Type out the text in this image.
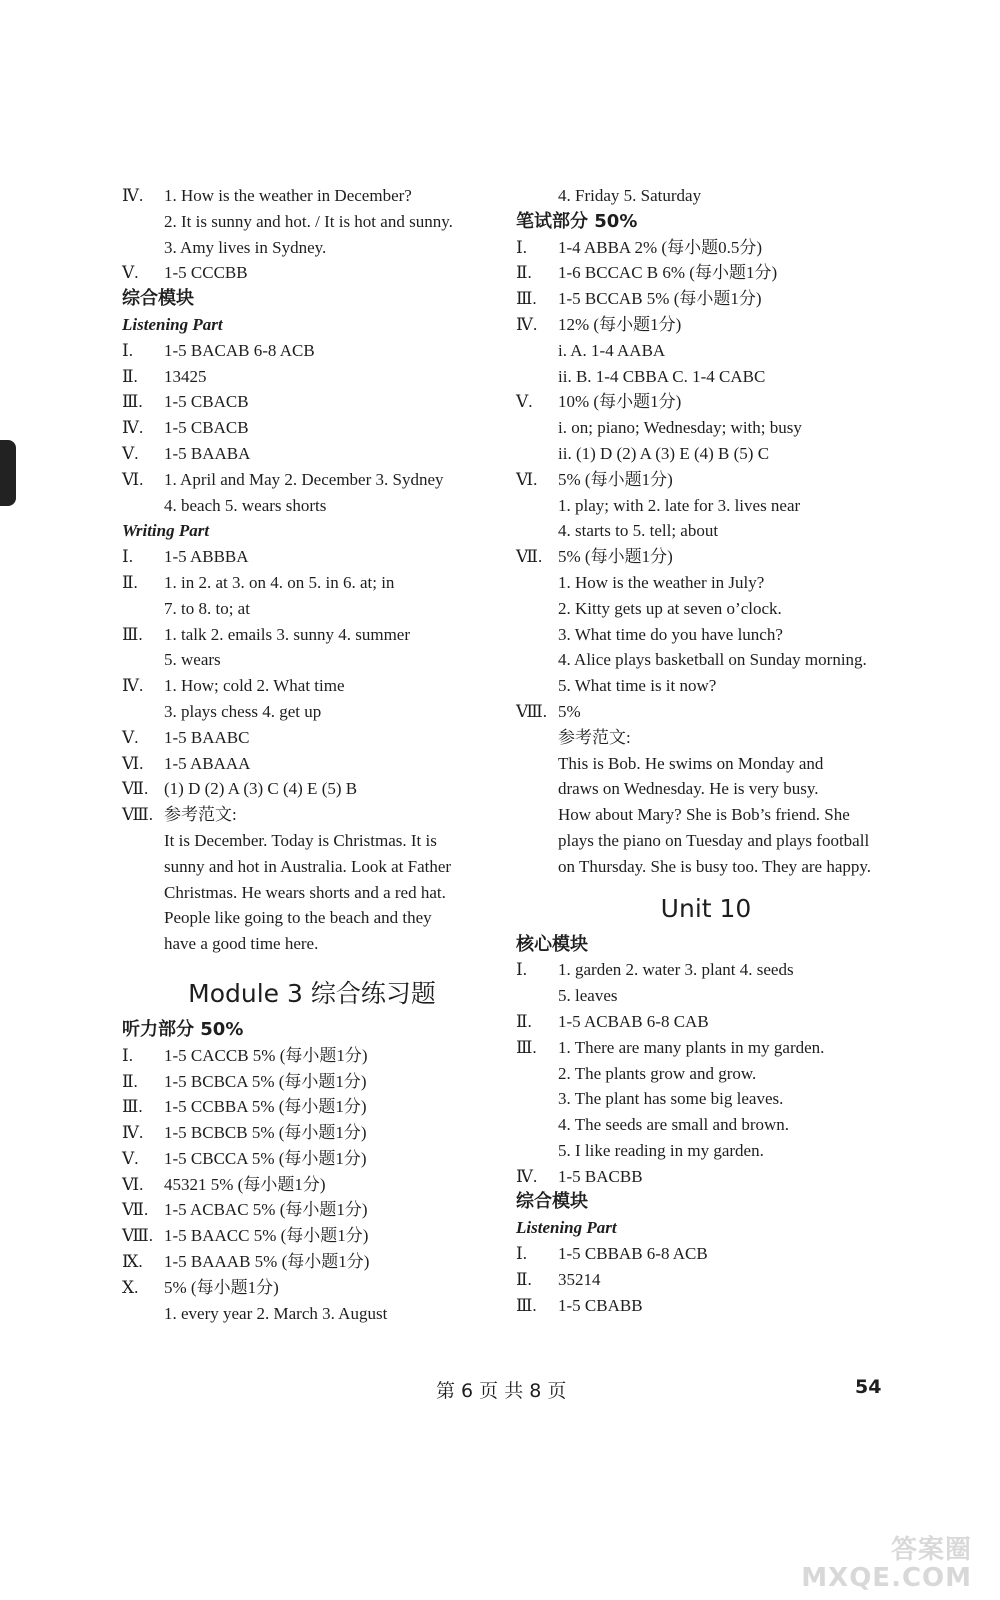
Ⅳ. 1. How is the weather in December?
2. It is sunny and hot. / It is hot and sunny.
3. Amy lives in Sydney.
Ⅴ. 1-5 CCCBB
综合模块
Listening Part
Ⅰ. 1-5 BACAB 6-8 ACB
Ⅱ. 13425
Ⅲ. 1-5 CBACB
Ⅳ. 1-5 CBACB
Ⅴ. 1-5 BAABA
Ⅵ. 1. April and May 2. December 3. Sydney
4. beach 5. wears shorts
Writing Part
Ⅰ. 1-5 ABBBA
Ⅱ. 1. in 2. at 3. on 4. on 5. in 6. at; in
7. to 8. to; at
Ⅲ. 1. talk 2. emails 3. sunny 4. summer
5. wears
Ⅳ. 1. How; cold 2. What time
3. plays chess 4. get up
Ⅴ. 1-5 BAABC
Ⅵ. 1-5 ABAAA
Ⅶ. (1) D (2) A (3) C (4) E (5) B
Ⅷ. 参考范文:
It is December. Today is Christmas. It is
sunny and hot in Australia. Look at Father
Christmas. He wears shorts and a red hat.
People like going to the beach and they
have a good time here.
Module 3 综合练习题
听力部分 50%
Ⅰ. 1-5 CACCB 5% (每小题1分)
Ⅱ. 1-5 BCBCA 5% (每小题1分)
Ⅲ. 1-5 CCBBA 5% (每小题1分)
Ⅳ. 1-5 BCBCB 5% (每小题1分)
Ⅴ. 1-5 CBCCA 5% (每小题1分)
Ⅵ. 45321 5% (每小题1分)
Ⅶ. 1-5 ACBAC 5% (每小题1分)
Ⅷ. 1-5 BAACC 5% (每小题1分)
Ⅸ. 1-5 BAAAB 5% (每小题1分)
Ⅹ. 5% (每小题1分)
1. every year 2. March 3. August
4. Friday 5. Saturday
笔试部分 50%
Ⅰ. 1-4 ABBA 2% (每小题0.5分)
Ⅱ. 1-6 BCCAC B 6% (每小题1分)
Ⅲ. 1-5 BCCAB 5% (每小题1分)
Ⅳ. 12% (每小题1分)
i. A. 1-4 AABA
ii. B. 1-4 CBBA C. 1-4 CABC
Ⅴ. 10% (每小题1分)
i. on; piano; Wednesday; with; busy
ii. (1) D (2) A (3) E (4) B (5) C
Ⅵ. 5% (每小题1分)
1. play; with 2. late for 3. lives near
4. starts to 5. tell; about
Ⅶ. 5% (每小题1分)
1. How is the weather in July?
2. Kitty gets up at seven o’clock.
3. What time do you have lunch?
4. Alice plays basketball on Sunday morning.
5. What time is it now?
Ⅷ. 5%
参考范文:
This is Bob. He swims on Monday and
draws on Wednesday. He is very busy.
How about Mary? She is Bob’s friend. She
plays the piano on Tuesday and plays football
on Thursday. She is busy too. They are happy.
Unit 10
核心模块
Ⅰ. 1. garden 2. water 3. plant 4. seeds
5. leaves
Ⅱ. 1-5 ACBAB 6-8 CAB
Ⅲ. 1. There are many plants in my garden.
2. The plants grow and grow.
3. The plant has some big leaves.
4. The seeds are small and brown.
5. I like reading in my garden.
Ⅳ. 1-5 BACBB
综合模块
Listening Part
Ⅰ. 1-5 CBBAB 6-8 ACB
Ⅱ. 35214
Ⅲ. 1-5 CBABB
第 6 页 共 8 页	54
答案圈
MXQE.COM
